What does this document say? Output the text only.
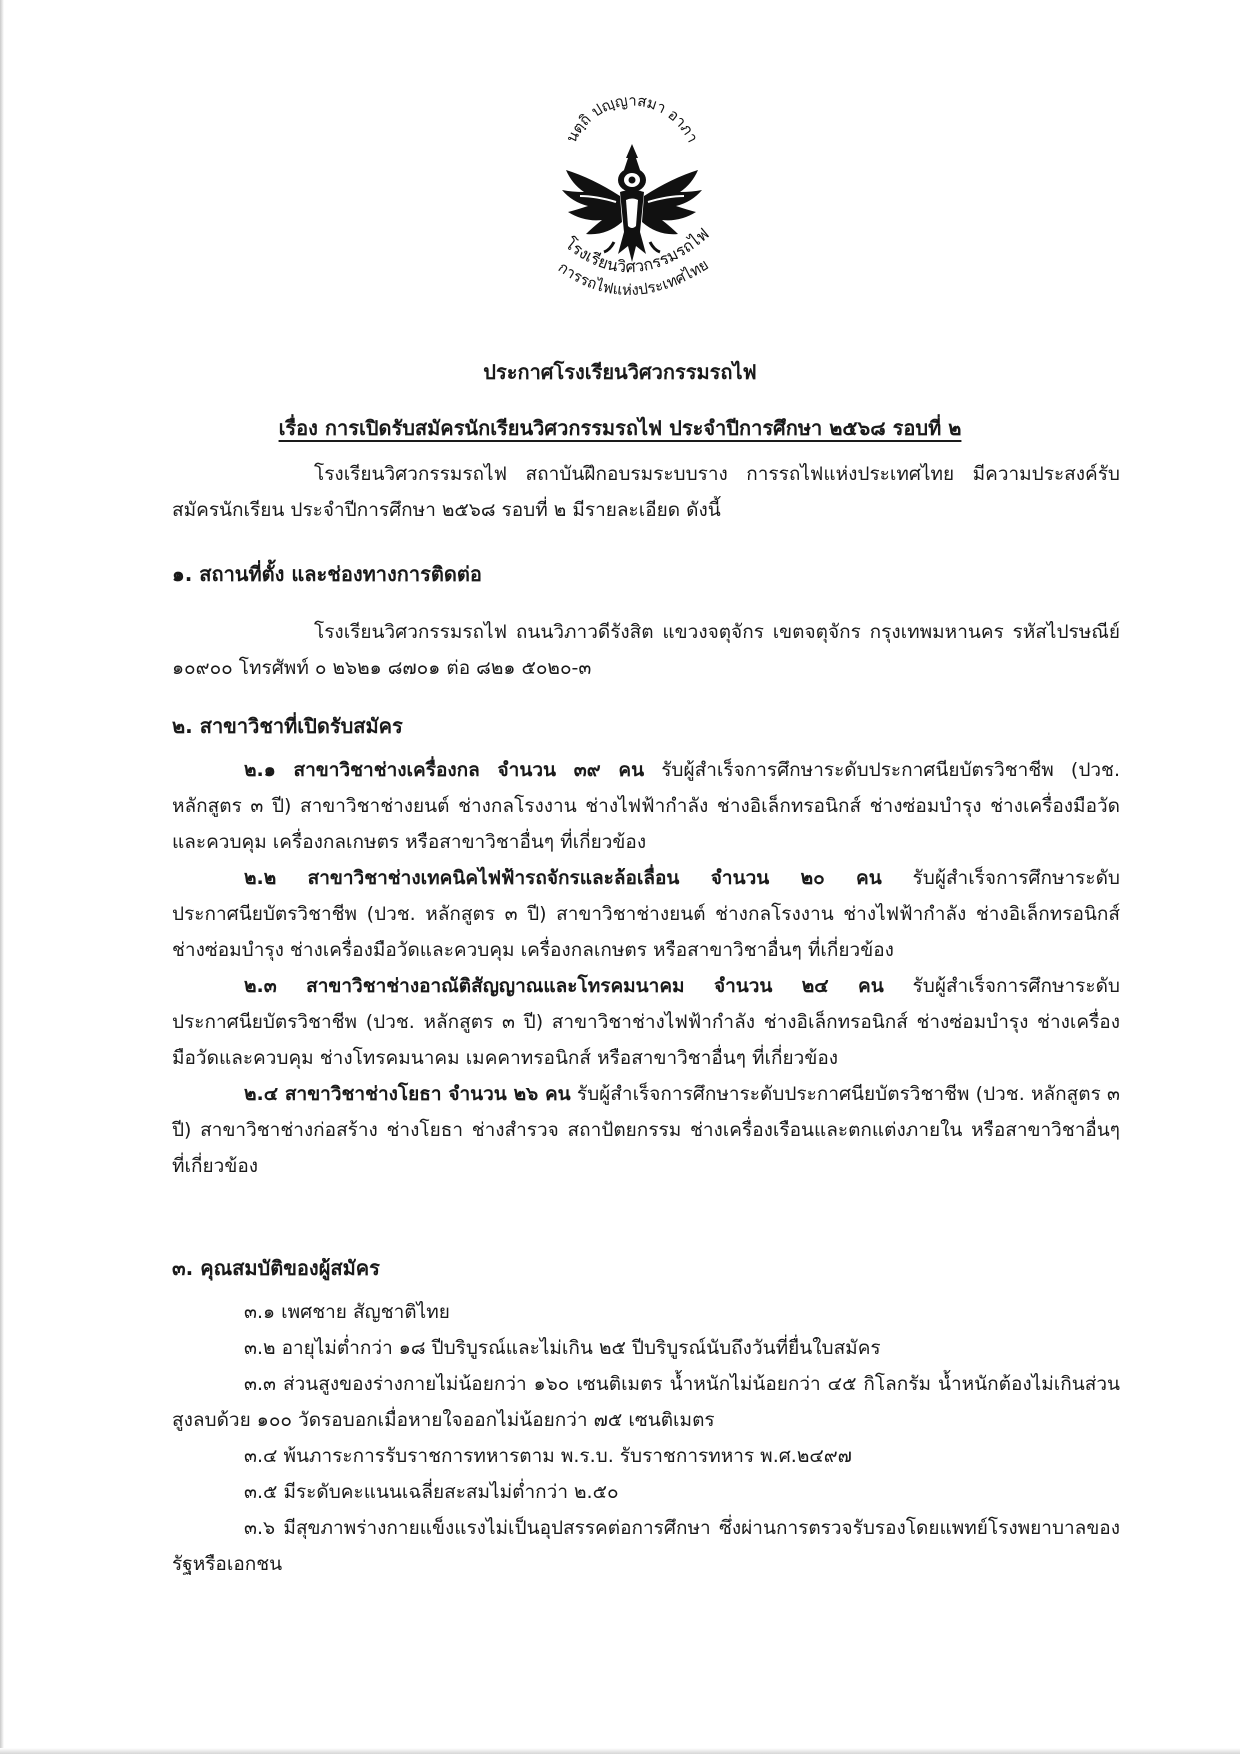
นตฺถิ ปญฺญาสมา อาภา
โรงเรียนวิศวกรรมรถไฟ
การรถไฟแห่งประเทศไทย
ประกาศโรงเรียนวิศวกรรมรถไฟ
เรื่อง การเปิดรับสมัครนักเรียนวิศวกรรมรถไฟ ประจำปีการศึกษา ๒๕๖๘ รอบที่ ๒

โรงเรียนวิศวกรรมรถไฟ สถาบันฝึกอบรมระบบราง การรถไฟแห่งประเทศไทย มีความประสงค์รับสมัครนักเรียน ประจำปีการศึกษา ๒๕๖๘ รอบที่ ๒ มีรายละเอียด ดังนี้

๑. สถานที่ตั้ง และช่องทางการติดต่อ

โรงเรียนวิศวกรรมรถไฟ ถนนวิภาวดีรังสิต แขวงจตุจักร เขตจตุจักร กรุงเทพมหานคร รหัสไปรษณีย์ ๑๐๙๐๐ โทรศัพท์ ๐ ๒๖๒๑ ๘๗๐๑ ต่อ ๘๒๑ ๕๐๒๐-๓

๒. สาขาวิชาที่เปิดรับสมัคร

๒.๑ สาขาวิชาช่างเครื่องกล จำนวน ๓๙ คน รับผู้สำเร็จการศึกษาระดับประกาศนียบัตรวิชาชีพ (ปวช. หลักสูตร ๓ ปี) สาขาวิชาช่างยนต์ ช่างกลโรงงาน ช่างไฟฟ้ากำลัง ช่างอิเล็กทรอนิกส์ ช่างซ่อมบำรุง ช่างเครื่องมือวัดและควบคุม เครื่องกลเกษตร หรือสาขาวิชาอื่นๆ ที่เกี่ยวข้อง

๒.๒ สาขาวิชาช่างเทคนิคไฟฟ้ารถจักรและล้อเลื่อน จำนวน ๒๐ คน รับผู้สำเร็จการศึกษาระดับประกาศนียบัตรวิชาชีพ (ปวช. หลักสูตร ๓ ปี) สาขาวิชาช่างยนต์ ช่างกลโรงงาน ช่างไฟฟ้ากำลัง ช่างอิเล็กทรอนิกส์ ช่างซ่อมบำรุง ช่างเครื่องมือวัดและควบคุม เครื่องกลเกษตร หรือสาขาวิชาอื่นๆ ที่เกี่ยวข้อง

๒.๓ สาขาวิชาช่างอาณัติสัญญาณและโทรคมนาคม จำนวน ๒๔ คน รับผู้สำเร็จการศึกษาระดับประกาศนียบัตรวิชาชีพ (ปวช. หลักสูตร ๓ ปี) สาขาวิชาช่างไฟฟ้ากำลัง ช่างอิเล็กทรอนิกส์ ช่างซ่อมบำรุง ช่างเครื่องมือวัดและควบคุม ช่างโทรคมนาคม เมคคาทรอนิกส์ หรือสาขาวิชาอื่นๆ ที่เกี่ยวข้อง

๒.๔ สาขาวิชาช่างโยธา จำนวน ๒๖ คน รับผู้สำเร็จการศึกษาระดับประกาศนียบัตรวิชาชีพ (ปวช. หลักสูตร ๓ ปี) สาขาวิชาช่างก่อสร้าง ช่างโยธา ช่างสำรวจ สถาปัตยกรรม ช่างเครื่องเรือนและตกแต่งภายใน หรือสาขาวิชาอื่นๆ ที่เกี่ยวข้อง

๓. คุณสมบัติของผู้สมัคร

๓.๑ เพศชาย สัญชาติไทย

๓.๒ อายุไม่ต่ำกว่า ๑๘ ปีบริบูรณ์และไม่เกิน ๒๕ ปีบริบูรณ์นับถึงวันที่ยื่นใบสมัคร

๓.๓ ส่วนสูงของร่างกายไม่น้อยกว่า ๑๖๐ เซนติเมตร น้ำหนักไม่น้อยกว่า ๔๕ กิโลกรัม น้ำหนักต้องไม่เกินส่วนสูงลบด้วย ๑๐๐ วัดรอบอกเมื่อหายใจออกไม่น้อยกว่า ๗๕ เซนติเมตร

๓.๔ พ้นภาระการรับราชการทหารตาม พ.ร.บ. รับราชการทหาร พ.ศ.๒๔๙๗

๓.๕ มีระดับคะแนนเฉลี่ยสะสมไม่ต่ำกว่า ๒.๕๐

๓.๖ มีสุขภาพร่างกายแข็งแรงไม่เป็นอุปสรรคต่อการศึกษา ซึ่งผ่านการตรวจรับรองโดยแพทย์โรงพยาบาลของรัฐหรือเอกชน
